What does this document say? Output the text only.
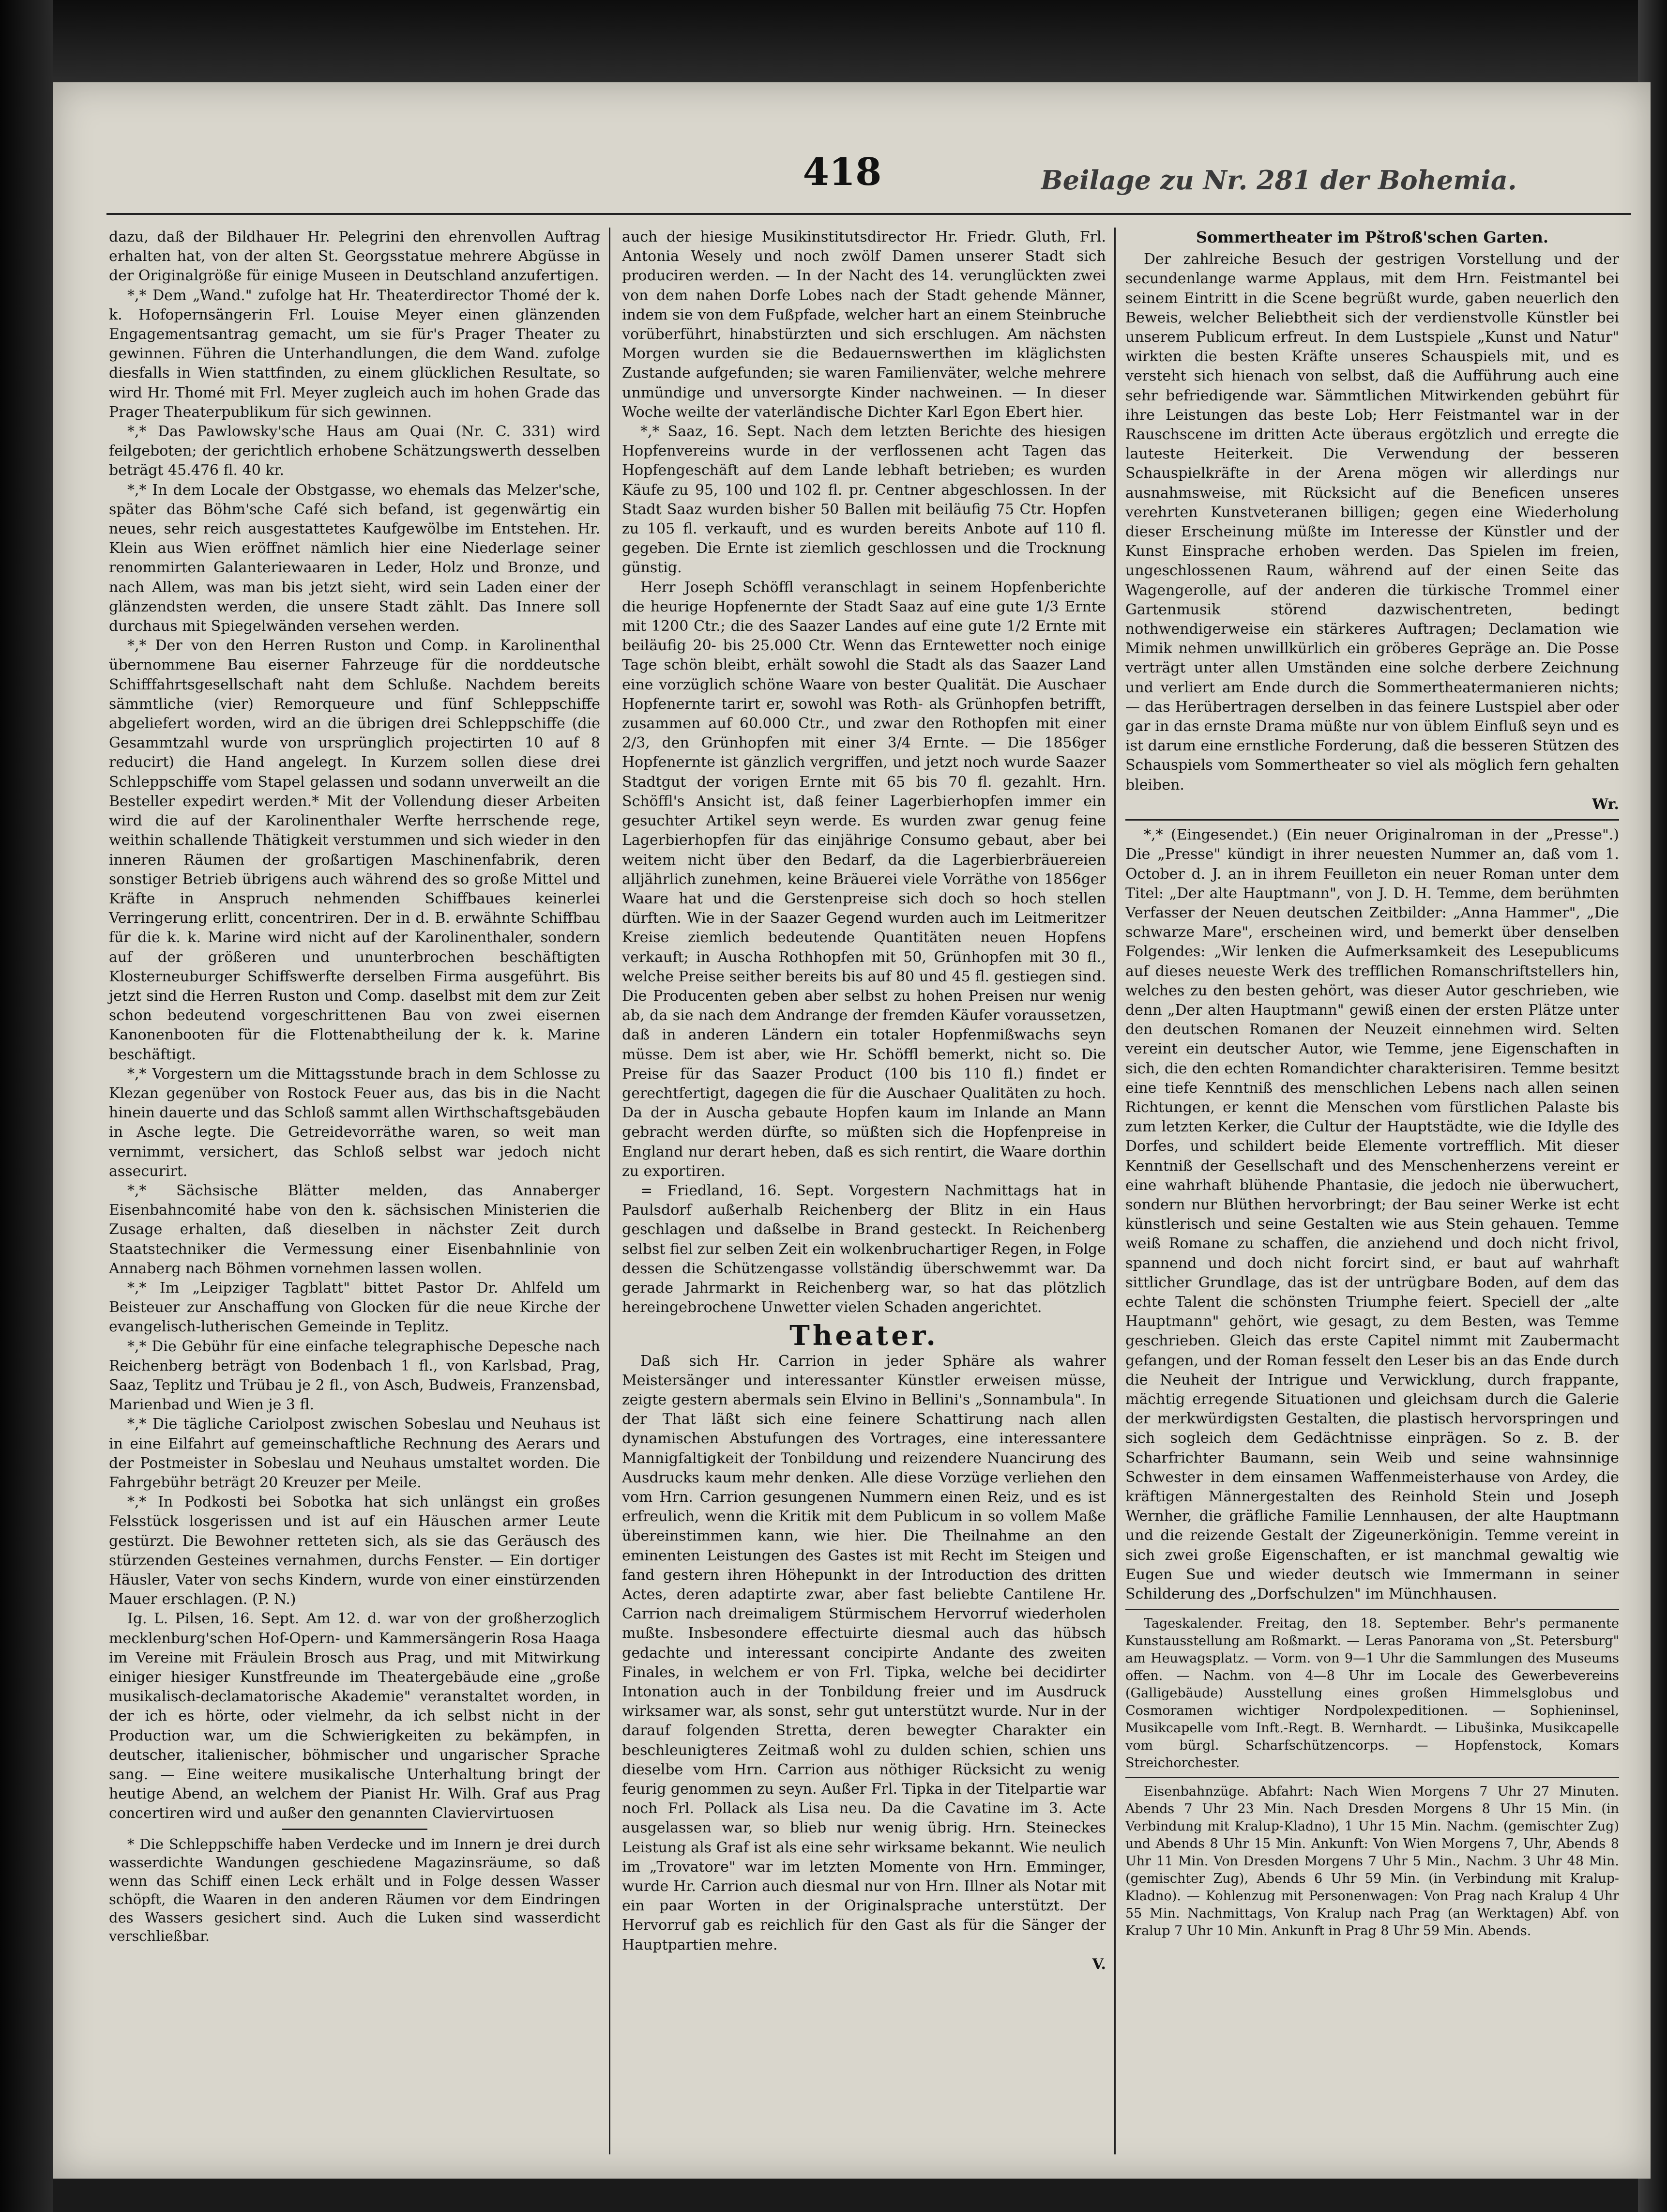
418	Beilage zu Nr. 281 der Bohemia.

dazu, daß der Bildhauer Hr. Pelegrini den ehrenvollen Auftrag erhalten hat, von der alten St. Georgsstatue mehrere Abgüsse in der Originalgröße für einige Museen in Deutschland anzufertigen.

*,* Dem „Wand." zufolge hat Hr. Theaterdirector Thomé der k. k. Hofopernsängerin Frl. Louise Meyer einen glänzenden Engagementsantrag gemacht, um sie für's Prager Theater zu gewinnen. Führen die Unterhandlungen, die dem Wand. zufolge diesfalls in Wien stattfinden, zu einem glücklichen Resultate, so wird Hr. Thomé mit Frl. Meyer zugleich auch im hohen Grade das Prager Theaterpublikum für sich gewinnen.

*,* Das Pawlowsky'sche Haus am Quai (Nr. C. 331) wird feilgeboten; der gerichtlich erhobene Schätzungswerth desselben beträgt 45.476 fl. 40 kr.

*,* In dem Locale der Obstgasse, wo ehemals das Melzer'sche, später das Böhm'sche Café sich befand, ist gegenwärtig ein neues, sehr reich ausgestattetes Kaufgewölbe im Entstehen. Hr. Klein aus Wien eröffnet nämlich hier eine Niederlage seiner renommirten Galanteriewaaren in Leder, Holz und Bronze, und nach Allem, was man bis jetzt sieht, wird sein Laden einer der glänzendsten werden, die unsere Stadt zählt. Das Innere soll durchaus mit Spiegelwänden versehen werden.

*,* Der von den Herren Ruston und Comp. in Karolinenthal übernommene Bau eiserner Fahrzeuge für die norddeutsche Schifffahrtsgesellschaft naht dem Schluße. Nachdem bereits sämmtliche (vier) Remorqueure und fünf Schleppschiffe abgeliefert worden, wird an die übrigen drei Schleppschiffe (die Gesammtzahl wurde von ursprünglich projectirten 10 auf 8 reducirt) die Hand angelegt. In Kurzem sollen diese drei Schleppschiffe vom Stapel gelassen und sodann unverweilt an die Besteller expedirt werden.* Mit der Vollendung dieser Arbeiten wird die auf der Karolinenthaler Werfte herrschende rege, weithin schallende Thätigkeit verstummen und sich wieder in den inneren Räumen der großartigen Maschinenfabrik, deren sonstiger Betrieb übrigens auch während des so große Mittel und Kräfte in Anspruch nehmenden Schiffbaues keinerlei Verringerung erlitt, concentriren. Der in d. B. erwähnte Schiffbau für die k. k. Marine wird nicht auf der Karolinenthaler, sondern auf der größeren und ununterbrochen beschäftigten Klosterneuburger Schiffswerfte derselben Firma ausgeführt. Bis jetzt sind die Herren Ruston und Comp. daselbst mit dem zur Zeit schon bedeutend vorgeschrittenen Bau von zwei eisernen Kanonenbooten für die Flottenabtheilung der k. k. Marine beschäftigt.

*,* Vorgestern um die Mittagsstunde brach in dem Schlosse zu Klezan gegenüber von Rostock Feuer aus, das bis in die Nacht hinein dauerte und das Schloß sammt allen Wirthschaftsgebäuden in Asche legte. Die Getreidevorräthe waren, so weit man vernimmt, versichert, das Schloß selbst war jedoch nicht assecurirt.

*,* Sächsische Blätter melden, das Annaberger Eisenbahncomité habe von den k. sächsischen Ministerien die Zusage erhalten, daß dieselben in nächster Zeit durch Staatstechniker die Vermessung einer Eisenbahnlinie von Annaberg nach Böhmen vornehmen lassen wollen.

*,* Im „Leipziger Tagblatt" bittet Pastor Dr. Ahlfeld um Beisteuer zur Anschaffung von Glocken für die neue Kirche der evangelisch-lutherischen Gemeinde in Teplitz.

*,* Die Gebühr für eine einfache telegraphische Depesche nach Reichenberg beträgt von Bodenbach 1 fl., von Karlsbad, Prag, Saaz, Teplitz und Trübau je 2 fl., von Asch, Budweis, Franzensbad, Marienbad und Wien je 3 fl.

*,* Die tägliche Cariolpost zwischen Sobeslau und Neuhaus ist in eine Eilfahrt auf gemeinschaftliche Rechnung des Aerars und der Postmeister in Sobeslau und Neuhaus umstaltet worden. Die Fahrgebühr beträgt 20 Kreuzer per Meile.

*,* In Podkosti bei Sobotka hat sich unlängst ein großes Felsstück losgerissen und ist auf ein Häuschen armer Leute gestürzt. Die Bewohner retteten sich, als sie das Geräusch des stürzenden Gesteines vernahmen, durchs Fenster. — Ein dortiger Häusler, Vater von sechs Kindern, wurde von einer einstürzenden Mauer erschlagen. (P. N.)

Ig. L. Pilsen, 16. Sept. Am 12. d. war von der großherzoglich mecklenburg'schen Hof-Opern- und Kammersängerin Rosa Haaga im Vereine mit Fräulein Brosch aus Prag, und mit Mitwirkung einiger hiesiger Kunstfreunde im Theatergebäude eine „große musikalisch-declamatorische Akademie" veranstaltet worden, in der ich es hörte, oder vielmehr, da ich selbst nicht in der Production war, um die Schwierigkeiten zu bekämpfen, in deutscher, italienischer, böhmischer und ungarischer Sprache sang. — Eine weitere musikalische Unterhaltung bringt der heutige Abend, an welchem der Pianist Hr. Wilh. Graf aus Prag concertiren wird und außer den genannten Claviervirtuosen

* Die Schleppschiffe haben Verdecke und im Innern je drei durch wasserdichte Wandungen geschiedene Magazinsräume, so daß wenn das Schiff einen Leck erhält und in Folge dessen Wasser schöpft, die Waaren in den anderen Räumen vor dem Eindringen des Wassers gesichert sind. Auch die Luken sind wasserdicht verschließbar.

auch der hiesige Musikinstitutsdirector Hr. Friedr. Gluth, Frl. Antonia Wesely und noch zwölf Damen unserer Stadt sich produciren werden. — In der Nacht des 14. verunglückten zwei von dem nahen Dorfe Lobes nach der Stadt gehende Männer, indem sie von dem Fußpfade, welcher hart an einem Steinbruche vorüberführt, hinabstürzten und sich erschlugen. Am nächsten Morgen wurden sie die Bedauernswerthen im kläglichsten Zustande aufgefunden; sie waren Familienväter, welche mehrere unmündige und unversorgte Kinder nachweinen. — In dieser Woche weilte der vaterländische Dichter Karl Egon Ebert hier.

*,* Saaz, 16. Sept. Nach dem letzten Berichte des hiesigen Hopfenvereins wurde in der verflossenen acht Tagen das Hopfengeschäft auf dem Lande lebhaft betrieben; es wurden Käufe zu 95, 100 und 102 fl. pr. Centner abgeschlossen. In der Stadt Saaz wurden bisher 50 Ballen mit beiläufig 75 Ctr. Hopfen zu 105 fl. verkauft, und es wurden bereits Anbote auf 110 fl. gegeben. Die Ernte ist ziemlich geschlossen und die Trocknung günstig.

Herr Joseph Schöffl veranschlagt in seinem Hopfenberichte die heurige Hopfenernte der Stadt Saaz auf eine gute 1/3 Ernte mit 1200 Ctr.; die des Saazer Landes auf eine gute 1/2 Ernte mit beiläufig 20- bis 25.000 Ctr. Wenn das Erntewetter noch einige Tage schön bleibt, erhält sowohl die Stadt als das Saazer Land eine vorzüglich schöne Waare von bester Qualität. Die Auschaer Hopfenernte tarirt er, sowohl was Roth- als Grünhopfen betrifft, zusammen auf 60.000 Ctr., und zwar den Rothopfen mit einer 2/3, den Grünhopfen mit einer 3/4 Ernte. — Die 1856ger Hopfenernte ist gänzlich vergriffen, und jetzt noch wurde Saazer Stadtgut der vorigen Ernte mit 65 bis 70 fl. gezahlt. Hrn. Schöffl's Ansicht ist, daß feiner Lagerbierhopfen immer ein gesuchter Artikel seyn werde. Es wurden zwar genug feine Lagerbierhopfen für das einjährige Consumo gebaut, aber bei weitem nicht über den Bedarf, da die Lagerbierbräuereien alljährlich zunehmen, keine Bräuerei viele Vorräthe von 1856ger Waare hat und die Gerstenpreise sich doch so hoch stellen dürften. Wie in der Saazer Gegend wurden auch im Leitmeritzer Kreise ziemlich bedeutende Quantitäten neuen Hopfens verkauft; in Auscha Rothhopfen mit 50, Grünhopfen mit 30 fl., welche Preise seither bereits bis auf 80 und 45 fl. gestiegen sind. Die Producenten geben aber selbst zu hohen Preisen nur wenig ab, da sie nach dem Andrange der fremden Käufer voraussetzen, daß in anderen Ländern ein totaler Hopfenmißwachs seyn müsse. Dem ist aber, wie Hr. Schöffl bemerkt, nicht so. Die Preise für das Saazer Product (100 bis 110 fl.) findet er gerechtfertigt, dagegen die für die Auschaer Qualitäten zu hoch. Da der in Auscha gebaute Hopfen kaum im Inlande an Mann gebracht werden dürfte, so müßten sich die Hopfenpreise in England nur derart heben, daß es sich rentirt, die Waare dorthin zu exportiren.

= Friedland, 16. Sept. Vorgestern Nachmittags hat in Paulsdorf außerhalb Reichenberg der Blitz in ein Haus geschlagen und daßselbe in Brand gesteckt. In Reichenberg selbst fiel zur selben Zeit ein wolkenbruchartiger Regen, in Folge dessen die Schützengasse vollständig überschwemmt war. Da gerade Jahrmarkt in Reichenberg war, so hat das plötzlich hereingebrochene Unwetter vielen Schaden angerichtet.

Theater.

Daß sich Hr. Carrion in jeder Sphäre als wahrer Meistersänger und interessanter Künstler erweisen müsse, zeigte gestern abermals sein Elvino in Bellini's „Sonnambula". In der That läßt sich eine feinere Schattirung nach allen dynamischen Abstufungen des Vortrages, eine interessantere Mannigfaltigkeit der Tonbildung und reizendere Nuancirung des Ausdrucks kaum mehr denken. Alle diese Vorzüge verliehen den vom Hrn. Carrion gesungenen Nummern einen Reiz, und es ist erfreulich, wenn die Kritik mit dem Publicum in so vollem Maße übereinstimmen kann, wie hier. Die Theilnahme an den eminenten Leistungen des Gastes ist mit Recht im Steigen und fand gestern ihren Höhepunkt in der Introduction des dritten Actes, deren adaptirte zwar, aber fast beliebte Cantilene Hr. Carrion nach dreimaligem Stürmischem Hervorruf wiederholen mußte. Insbesondere effectuirte diesmal auch das hübsch gedachte und interessant concipirte Andante des zweiten Finales, in welchem er von Frl. Tipka, welche bei decidirter Intonation auch in der Tonbildung freier und im Ausdruck wirksamer war, als sonst, sehr gut unterstützt wurde. Nur in der darauf folgenden Stretta, deren bewegter Charakter ein beschleunigteres Zeitmaß wohl zu dulden schien, schien uns dieselbe vom Hrn. Carrion aus nöthiger Rücksicht zu wenig feurig genommen zu seyn. Außer Frl. Tipka in der Titelpartie war noch Frl. Pollack als Lisa neu. Da die Cavatine im 3. Acte ausgelassen war, so blieb nur wenig übrig. Hrn. Steineckes Leistung als Graf ist als eine sehr wirksame bekannt. Wie neulich im „Trovatore" war im letzten Momente von Hrn. Emminger, wurde Hr. Carrion auch diesmal nur von Hrn. Illner als Notar mit ein paar Worten in der Originalsprache unterstützt. Der Hervorruf gab es reichlich für den Gast als für die Sänger der Hauptpartien mehre.

V.

Sommertheater im Pštroß'schen Garten.

Der zahlreiche Besuch der gestrigen Vorstellung und der secundenlange warme Applaus, mit dem Hrn. Feistmantel bei seinem Eintritt in die Scene begrüßt wurde, gaben neuerlich den Beweis, welcher Beliebtheit sich der verdienstvolle Künstler bei unserem Publicum erfreut. In dem Lustspiele „Kunst und Natur" wirkten die besten Kräfte unseres Schauspiels mit, und es versteht sich hienach von selbst, daß die Aufführung auch eine sehr befriedigende war. Sämmtlichen Mitwirkenden gebührt für ihre Leistungen das beste Lob; Herr Feistmantel war in der Rauschscene im dritten Acte überaus ergötzlich und erregte die lauteste Heiterkeit. Die Verwendung der besseren Schauspielkräfte in der Arena mögen wir allerdings nur ausnahmsweise, mit Rücksicht auf die Beneficen unseres verehrten Kunstveteranen billigen; gegen eine Wiederholung dieser Erscheinung müßte im Interesse der Künstler und der Kunst Einsprache erhoben werden. Das Spielen im freien, ungeschlossenen Raum, während auf der einen Seite das Wagengerolle, auf der anderen die türkische Trommel einer Gartenmusik störend dazwischentreten, bedingt nothwendigerweise ein stärkeres Auftragen; Declamation wie Mimik nehmen unwillkürlich ein gröberes Gepräge an. Die Posse verträgt unter allen Umständen eine solche derbere Zeichnung und verliert am Ende durch die Sommertheatermanieren nichts; — das Herübertragen derselben in das feinere Lustspiel aber oder gar in das ernste Drama müßte nur von üblem Einfluß seyn und es ist darum eine ernstliche Forderung, daß die besseren Stützen des Schauspiels vom Sommertheater so viel als möglich fern gehalten bleiben.

Wr.

*,* (Eingesendet.) (Ein neuer Originalroman in der „Presse".) Die „Presse" kündigt in ihrer neuesten Nummer an, daß vom 1. October d. J. an in ihrem Feuilleton ein neuer Roman unter dem Titel: „Der alte Hauptmann", von J. D. H. Temme, dem berühmten Verfasser der Neuen deutschen Zeitbilder: „Anna Hammer", „Die schwarze Mare", erscheinen wird, und bemerkt über denselben Folgendes: „Wir lenken die Aufmerksamkeit des Lesepublicums auf dieses neueste Werk des trefflichen Romanschriftstellers hin, welches zu den besten gehört, was dieser Autor geschrieben, wie denn „Der alten Hauptmann" gewiß einen der ersten Plätze unter den deutschen Romanen der Neuzeit einnehmen wird. Selten vereint ein deutscher Autor, wie Temme, jene Eigenschaften in sich, die den echten Romandichter charakterisiren. Temme besitzt eine tiefe Kenntniß des menschlichen Lebens nach allen seinen Richtungen, er kennt die Menschen vom fürstlichen Palaste bis zum letzten Kerker, die Cultur der Hauptstädte, wie die Idylle des Dorfes, und schildert beide Elemente vortrefflich. Mit dieser Kenntniß der Gesellschaft und des Menschenherzens vereint er eine wahrhaft blühende Phantasie, die jedoch nie überwuchert, sondern nur Blüthen hervorbringt; der Bau seiner Werke ist echt künstlerisch und seine Gestalten wie aus Stein gehauen. Temme weiß Romane zu schaffen, die anziehend und doch nicht frivol, spannend und doch nicht forcirt sind, er baut auf wahrhaft sittlicher Grundlage, das ist der untrügbare Boden, auf dem das echte Talent die schönsten Triumphe feiert. Speciell der „alte Hauptmann" gehört, wie gesagt, zu dem Besten, was Temme geschrieben. Gleich das erste Capitel nimmt mit Zaubermacht gefangen, und der Roman fesselt den Leser bis an das Ende durch die Neuheit der Intrigue und Verwicklung, durch frappante, mächtig erregende Situationen und gleichsam durch die Galerie der merkwürdigsten Gestalten, die plastisch hervorspringen und sich sogleich dem Gedächtnisse einprägen. So z. B. der Scharfrichter Baumann, sein Weib und seine wahnsinnige Schwester in dem einsamen Waffenmeisterhause von Ardey, die kräftigen Männergestalten des Reinhold Stein und Joseph Wernher, die gräfliche Familie Lennhausen, der alte Hauptmann und die reizende Gestalt der Zigeunerkönigin. Temme vereint in sich zwei große Eigenschaften, er ist manchmal gewaltig wie Eugen Sue und wieder deutsch wie Immermann in seiner Schilderung des „Dorfschulzen" im Münchhausen.

Tageskalender. Freitag, den 18. September. Behr's permanente Kunstausstellung am Roßmarkt. — Leras Panorama von „St. Petersburg" am Heuwagsplatz. — Vorm. von 9—1 Uhr die Sammlungen des Museums offen. — Nachm. von 4—8 Uhr im Locale des Gewerbevereins (Galligebäude) Ausstellung eines großen Himmelsglobus und Cosmoramen wichtiger Nordpolexpeditionen. — Sophieninsel, Musikcapelle vom Inft.-Regt. B. Wernhardt. — Libušinka, Musikcapelle vom bürgl. Scharfschützencorps. — Hopfenstock, Komars Streichorchester.

Eisenbahnzüge. Abfahrt: Nach Wien Morgens 7 Uhr 27 Minuten. Abends 7 Uhr 23 Min. Nach Dresden Morgens 8 Uhr 15 Min. (in Verbindung mit Kralup-Kladno), 1 Uhr 15 Min. Nachm. (gemischter Zug) und Abends 8 Uhr 15 Min. Ankunft: Von Wien Morgens 7, Uhr, Abends 8 Uhr 11 Min. Von Dresden Morgens 7 Uhr 5 Min., Nachm. 3 Uhr 48 Min. (gemischter Zug), Abends 6 Uhr 59 Min. (in Verbindung mit Kralup-Kladno). — Kohlenzug mit Personenwagen: Von Prag nach Kralup 4 Uhr 55 Min. Nachmittags, Von Kralup nach Prag (an Werktagen) Abf. von Kralup 7 Uhr 10 Min. Ankunft in Prag 8 Uhr 59 Min. Abends.
